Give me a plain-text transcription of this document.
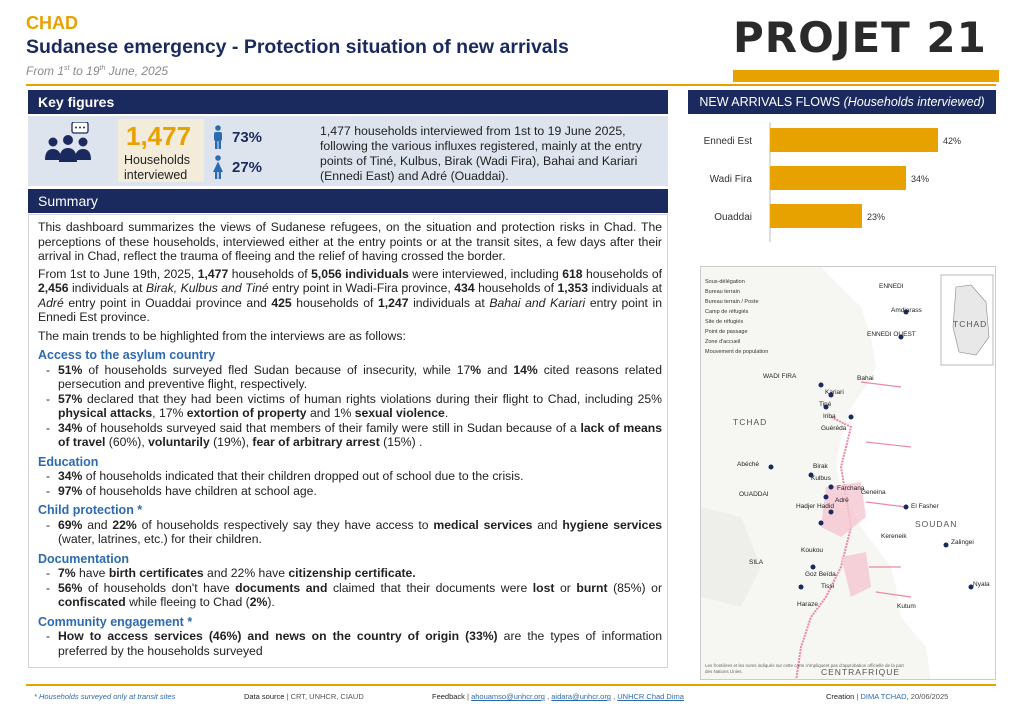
CHAD
Sudanese emergency - Protection situation of new arrivals
From 1st to 19th June, 2025
PROJET 21
Key figures
1,477
Households interviewed
73%
27%
1,477 households interviewed from 1st to 19 June 2025, following the various influxes registered, mainly at the entry points of Tiné, Kulbus, Birak (Wadi Fira), Bahai and Kariari (Ennedi East) and Adré (Ouaddai).
Summary

This dashboard summarizes the views of Sudanese refugees, on the situation and protection risks in Chad. The perceptions of these households, interviewed either at the entry points or at the transit sites, a few days after their arrival in Chad, reflect the trauma of fleeing and the relief of having crossed the border.

From 1st to June 19th, 2025, 1,477 households of 5,056 individuals were interviewed, including 618 households of 2,456 individuals at Birak, Kulbus and Tiné entry point in Wadi-Fira province, 434 households of 1,353 individuals at Adré entry point in Ouaddai province and 425 households of 1,247 individuals at Bahai and Kariari entry point in Ennedi Est province.

The main trends to be highlighted from the interviews are as follows:

Access to the asylum country
- 51% of households surveyed fled Sudan because of insecurity, while 17% and 14% cited reasons related persecution and preventive flight, respectively.
- 57% declared that they had been victims of human rights violations during their flight to Chad, including 25% physical attacks, 17% extortion of property and 1% sexual violence.
- 34% of households surveyed said that members of their family were still in Sudan because of a lack of means of travel (60%), voluntarily (19%), fear of arbitrary arrest (15%) .
Education
- 34% of households indicated that their children dropped out of school due to the crisis.
- 97% of households have children at school age.
Child protection *
- 69% and 22% of households respectively say they have access to medical services and hygiene services (water, latrines, etc.) for their children.
Documentation
- 7% have birth certificates and 22% have citizenship certificate.
- 56% of households don't have documents and claimed that their documents were lost or burnt (85%) or confiscated while fleeing to Chad (2%).
Community engagement *
- How to access services (46%) and news on the country of origin (33%) are the types of information preferred by the households surveyed
NEW ARRIVALS FLOWS (Households interviewed)
Ennedi Est	42%
Wadi Fira	34%
Ouaddai	23%
Sous-délégation
Bureau terrain
Bureau terrain / Poste
Camp de réfugiés
Site de réfugiés
Point de passage
Zone d'accueil
Mouvement de population
ENNEDI
TCHAD
Amdjarass
ENNEDI OUEST
WADI FIRA	Bahai
Kariari
Tiné
TCHAD
Iriba
Guéréda
Abéché	Birak
Kulbus
OUADDAI
Farchana
Adré
Geneina
Hadjer Hadid	El Fasher
SOUDAN
Kereneik
Zalingei
SILA
Koukou
Goz Beïda
Nyala
Tissi
Haraze	Kutum
CENTRAFRIQUE
Les frontières et les noms indiqués sur cette carte n'impliquent pas d'approbation officielle de la part des Nations Unies.
* Households surveyed only at transit sites	Data source | CRT, UNHCR, CIAUD	Feedback | ahouamso@unhcr.org , aidara@unhcr.org , UNHCR Chad Dima	Creation | DIMA TCHAD, 20/06/2025
